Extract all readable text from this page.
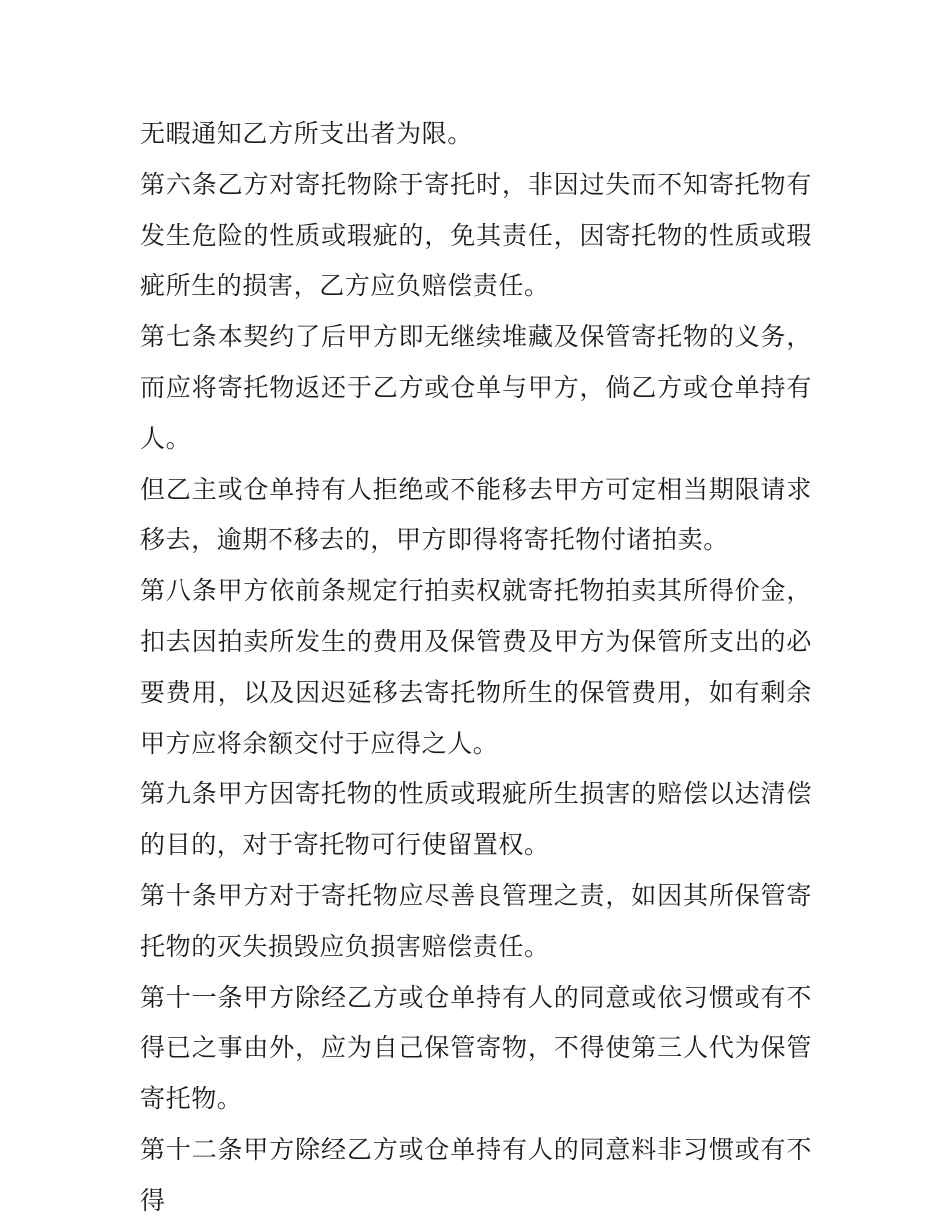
无暇通知乙方所支出者为限。

第六条乙方对寄托物除于寄托时，非因过失而不知寄托物有发生危险的性质或瑕疵的，免其责任，因寄托物的性质或瑕疵所生的损害，乙方应负赔偿责任。

第七条本契约了后甲方即无继续堆藏及保管寄托物的义务，而应将寄托物返还于乙方或仓单与甲方，倘乙方或仓单持有人。

但乙主或仓单持有人拒绝或不能移去甲方可定相当期限请求移去，逾期不移去的，甲方即得将寄托物付诸拍卖。

第八条甲方依前条规定行拍卖权就寄托物拍卖其所得价金，扣去因拍卖所发生的费用及保管费及甲方为保管所支出的必要费用，以及因迟延移去寄托物所生的保管费用，如有剩余甲方应将余额交付于应得之人。

第九条甲方因寄托物的性质或瑕疵所生损害的赔偿以达清偿的目的，对于寄托物可行使留置权。

第十条甲方对于寄托物应尽善良管理之责，如因其所保管寄托物的灭失损毁应负损害赔偿责任。

第十一条甲方除经乙方或仓单持有人的同意或依习惯或有不得已之事由外，应为自己保管寄物，不得使第三人代为保管寄托物。

第十二条甲方除经乙方或仓单持有人的同意料非习惯或有不得
